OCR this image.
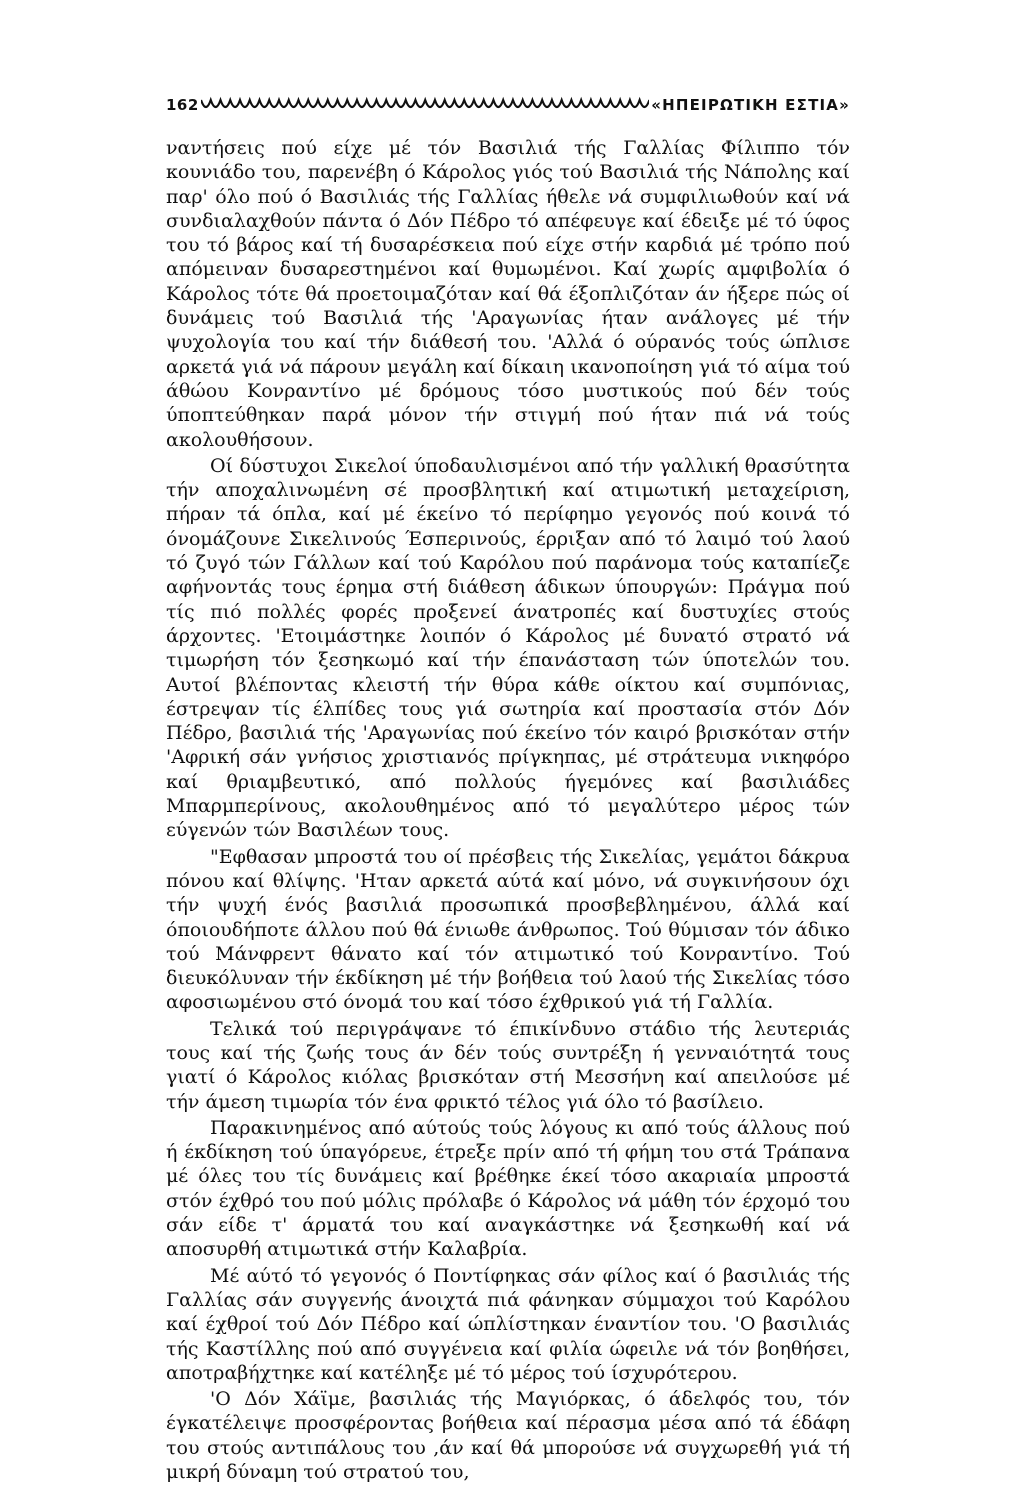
162	«ΗΠΕΙΡΩΤΙΚΗ ΕΣΤΙΑ»

ναντήσεις πού είχε μέ τόν Βασιλιά τής Γαλλίας Φίλιππο τόν κουνιάδο του, παρενέβη ό Κάρολος γιός τού Βασιλιά τής Νάπολης καί παρ' όλο πού ό Βασιλιάς τής Γαλλίας ήθελε νά συμφιλιωθούν καί νά συνδιαλαχθούν πάντα ό Δόν Πέδρο τό απέφευγε καί έδειξε μέ τό ύφος του τό βάρος καί τή δυσαρέσκεια πού είχε στήν καρδιά μέ τρόπο πού απόμειναν δυσαρεστημένοι καί θυμωμένοι. Καί χωρίς αμφιβολία ό Κάρολος τότε θά προετοιμαζόταν καί θά έξοπλιζόταν άν ήξερε πώς οί δυνάμεις τού Βασιλιά τής 'Αραγωνίας ήταν ανάλογες μέ τήν ψυχολογία του καί τήν διάθεσή του. 'Αλλά ό ούρανός τούς ώπλισε αρκετά γιά νά πάρουν μεγάλη καί δίκαιη ικανοποίηση γιά τό αίμα τού άθώου Κονραντίνο μέ δρόμους τόσο μυστικούς πού δέν τούς ύποπτεύθηκαν παρά μόνον τήν στιγμή πού ήταν πιά νά τούς ακολουθήσουν.

Οί δύστυχοι Σικελοί ύποδαυλισμένοι από τήν γαλλική θρασύτητα τήν αποχαλινωμένη σέ προσβλητική καί ατιμωτική μεταχείριση, πήραν τά όπλα, καί μέ έκείνο τό περίφημο γεγονός πού κοινά τό όνομάζουνε Σικελινούς Έσπερινούς, έρριξαν από τό λαιμό τού λαού τό ζυγό τών Γάλλων καί τού Καρόλου πού παράνομα τούς καταπίεζε αφήνοντάς τους έρημα στή διάθεση άδικων ύπουργών: Πράγμα πού τίς πιό πολλές φορές προξενεί άνατροπές καί δυστυχίες στούς άρχοντες. 'Ετοιμάστηκε λοιπόν ό Κάρολος μέ δυνατό στρατό νά τιμωρήση τόν ξεσηκωμό καί τήν έπανάσταση τών ύποτελών του. Αυτοί βλέποντας κλειστή τήν θύρα κάθε οίκτου καί συμπόνιας, έστρεψαν τίς έλπίδες τους γιά σωτηρία καί προστασία στόν Δόν Πέδρο, βασιλιά τής 'Αραγωνίας πού έκείνο τόν καιρό βρισκόταν στήν 'Αφρική σάν γνήσιος χριστιανός πρίγκηπας, μέ στράτευμα νικηφόρο καί θριαμβευτικό, από πολλούς ήγεμόνες καί βασιλιάδες Μπαρμπερίνους, ακολουθημένος από τό μεγαλύτερο μέρος τών εύγενών τών Βασιλέων τους.

"Εφθασαν μπροστά του οί πρέσβεις τής Σικελίας, γεμάτοι δάκρυα πόνου καί θλίψης. 'Ηταν αρκετά αύτά καί μόνο, νά συγκινήσουν όχι τήν ψυχή ένός βασιλιά προσωπικά προσβεβλημένου, άλλά καί όποιουδήποτε άλλου πού θά ένιωθε άνθρωπος. Τού θύμισαν τόν άδικο τού Μάνφρεντ θάνατο καί τόν ατιμωτικό τού Κονραντίνο. Τού διευκόλυναν τήν έκδίκηση μέ τήν βοήθεια τού λαού τής Σικελίας τόσο αφοσιωμένου στό όνομά του καί τόσο έχθρικού γιά τή Γαλλία.

Τελικά τού περιγράψανε τό έπικίνδυνο στάδιο τής λευτεριάς τους καί τής ζωής τους άν δέν τούς συντρέξη ή γενναιότητά τους γιατί ό Κάρολος κιόλας βρισκόταν στή Μεσσήνη καί απειλούσε μέ τήν άμεση τιμωρία τόν ένα φρικτό τέλος γιά όλο τό βασίλειο.

Παρακινημένος από αύτούς τούς λόγους κι από τούς άλλους πού ή έκδίκηση τού ύπαγόρευε, έτρεξε πρίν από τή φήμη του στά Τράπανα μέ όλες του τίς δυνάμεις καί βρέθηκε έκεί τόσο ακαριαία μπροστά στόν έχθρό του πού μόλις πρόλαβε ό Κάρολος νά μάθη τόν έρχομό του σάν είδε τ' άρματά του καί αναγκάστηκε νά ξεσηκωθή καί νά αποσυρθή ατιμωτικά στήν Καλαβρία.

Μέ αύτό τό γεγονός ό Ποντίφηκας σάν φίλος καί ό βασιλιάς τής Γαλλίας σάν συγγενής άνοιχτά πιά φάνηκαν σύμμαχοι τού Καρόλου καί έχθροί τού Δόν Πέδρο καί ώπλίστηκαν έναντίον του. 'Ο βασιλιάς τής Καστίλλης πού από συγγένεια καί φιλία ώφειλε νά τόν βοηθήσει, αποτραβήχτηκε καί κατέληξε μέ τό μέρος τού ίσχυρότερου.

'Ο Δόν Χάϊμε, βασιλιάς τής Μαγιόρκας, ό άδελφός του, τόν έγκατέλειψε προσφέροντας βοήθεια καί πέρασμα μέσα από τά έδάφη του στούς αντιπάλους του ,άν καί θά μπορούσε νά συγχωρεθή γιά τή μικρή δύναμη τού στρατού του,
